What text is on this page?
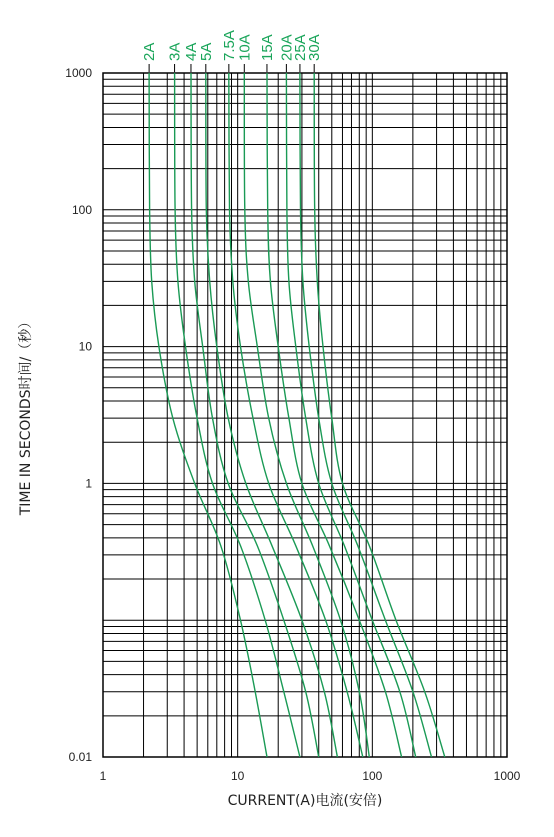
1	10	100	1000
0.01
1
10
100
1000
2A 3A 4A
5A 7.5A
10A 15A 20A
25A
30A
CURRENT(A)电流(安倍)
TIME IN SECONDS时间/（秒）
